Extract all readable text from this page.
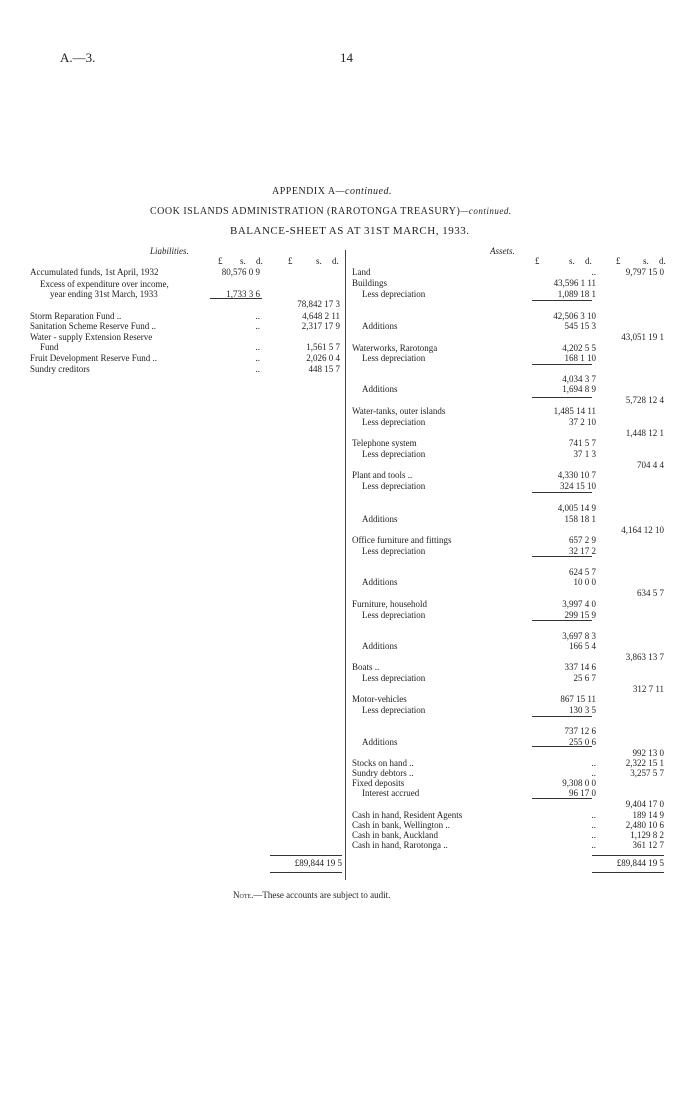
A.—3.	14
APPENDIX A—continued.
COOK ISLANDS ADMINISTRATION (RAROTONGA TREASURY)—continued.
BALANCE-SHEET AS AT 31ST MARCH, 1933.
Liabilities.	Assets.
£ s. d.	£	s. d.	£	s. d.	£	s. d.
Accumulated funds, 1st April, 1932	80,576 0 9
Excess of expenditure over income,
year ending 31st March, 1933	1,733 3 6
78,842 17 3
Storm Reparation Fund ..	..	4,648 2 11
Sanitation Scheme Reserve Fund ..	..	2,317 17 9
Water - supply Extension Reserve
Fund	..	1,561 5 7
Fruit Development Reserve Fund ..	..	2,026 0 4
Sundry creditors	..	448 15 7
Land	..	9,797 15 0
Buildings	43,596 1 11
Less depreciation	1,089 18 1
42,506 3 10
Additions	545 15 3
43,051 19 1
Waterworks, Rarotonga	4,202 5 5
Less depreciation	168 1 10
4,034 3 7
Additions	1,694 8 9
5,728 12 4
Water-tanks, outer islands	1,485 14 11
Less depreciation	37 2 10
1,448 12 1
Telephone system	741 5 7
Less depreciation	37 1 3
704 4 4
Plant and tools ..	4,330 10 7
Less depreciation	324 15 10
4,005 14 9
Additions	158 18 1
4,164 12 10
Office furniture and fittings	657 2 9
Less depreciation	32 17 2
624 5 7
Additions	10 0 0
634 5 7
Furniture, household	3,997 4 0
Less depreciation	299 15 9
3,697 8 3
Additions	166 5 4
3,863 13 7
Boats ..	337 14 6
Less depreciation	25 6 7
312 7 11
Motor-vehicles	867 15 11
Less depreciation	130 3 5
737 12 6
Additions	255 0 6
992 13 0
Stocks on hand ..	..	2,322 15 1
Sundry debtors ..	..	3,257 5 7
Fixed deposits	9,308 0 0
Interest accrued	96 17 0
9,404 17 0
Cash in hand, Resident Agents	..	189 14 9
Cash in bank, Wellington ..	..	2,480 10 6
Cash in bank, Auckland	..	1,129 8 2
Cash in hand, Rarotonga ..	..	361 12 7
£89,844 19 5	£89,844 19 5
Note.—These accounts are subject to audit.
